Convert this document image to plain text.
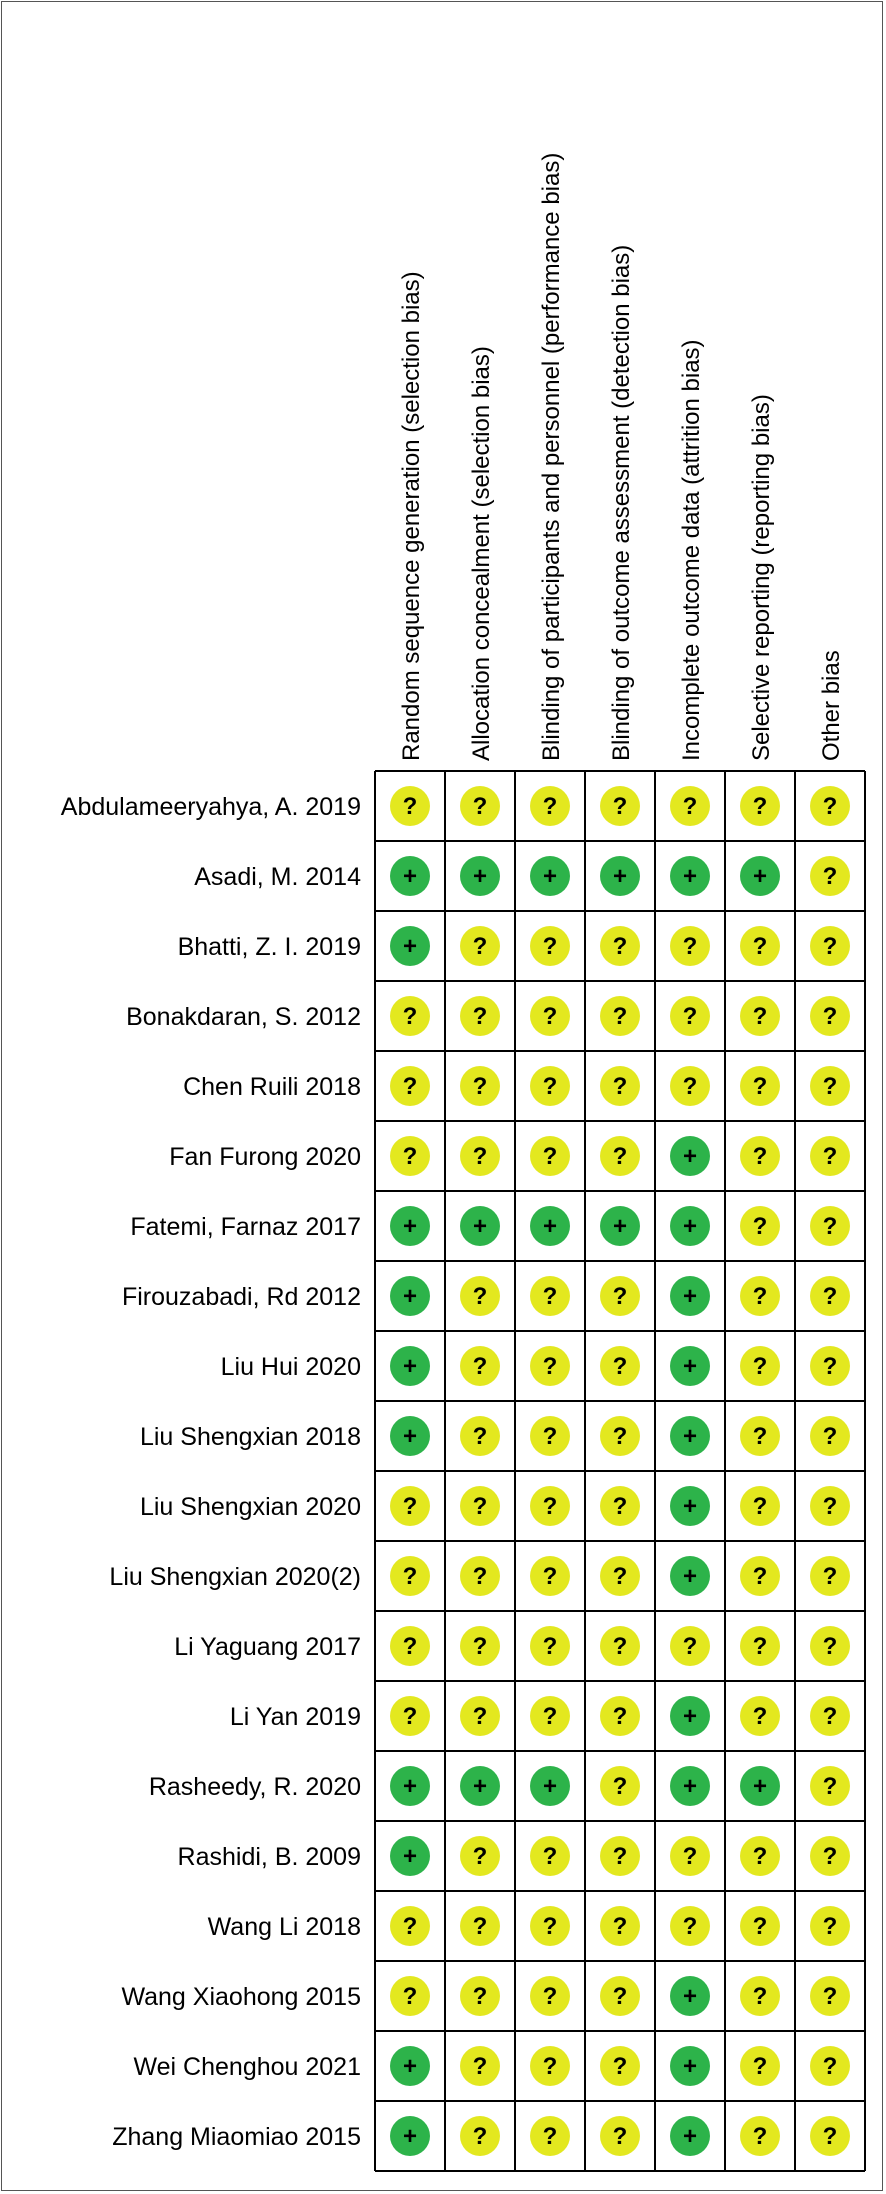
Random sequence generation (selection bias) Allocation concealment (selection bias) Blinding of participants and personnel (performance bias) Blinding of outcome assessment (detection bias) Incomplete outcome data (attrition bias) Selective reporting (reporting bias) Other bias
Abdulameeryahya, A. 2019
Asadi, M. 2014
Bhatti, Z. I. 2019
Bonakdaran, S. 2012
Chen Ruili 2018
Fan Furong 2020
Fatemi, Farnaz 2017
Firouzabadi, Rd 2012
Liu Hui 2020
Liu Shengxian 2018
Liu Shengxian 2020
Liu Shengxian 2020(2)
Li Yaguang 2017
Li Yan 2019
Rasheedy, R. 2020
Rashidi, B. 2009
Wang Li 2018
Wang Xiaohong 2015
Wei Chenghou 2021
Zhang Miaomiao 2015
? ? ? ? ? ? ?
+ + + + + + ?
+ ? ? ? ? ? ?
? ? ? ? ? ? ?
? ? ? ? ? ? ?
? ? ? ? + ? ?
+ + + + + ? ?
+ ? ? ? + ? ?
+ ? ? ? + ? ?
+ ? ? ? + ? ?
? ? ? ? + ? ?
? ? ? ? + ? ?
? ? ? ? ? ? ?
? ? ? ? + ? ?
+ + + ? + + ?
+ ? ? ? ? ? ?
? ? ? ? ? ? ?
? ? ? ? + ? ?
+ ? ? ? + ? ?
+ ? ? ? + ? ?
